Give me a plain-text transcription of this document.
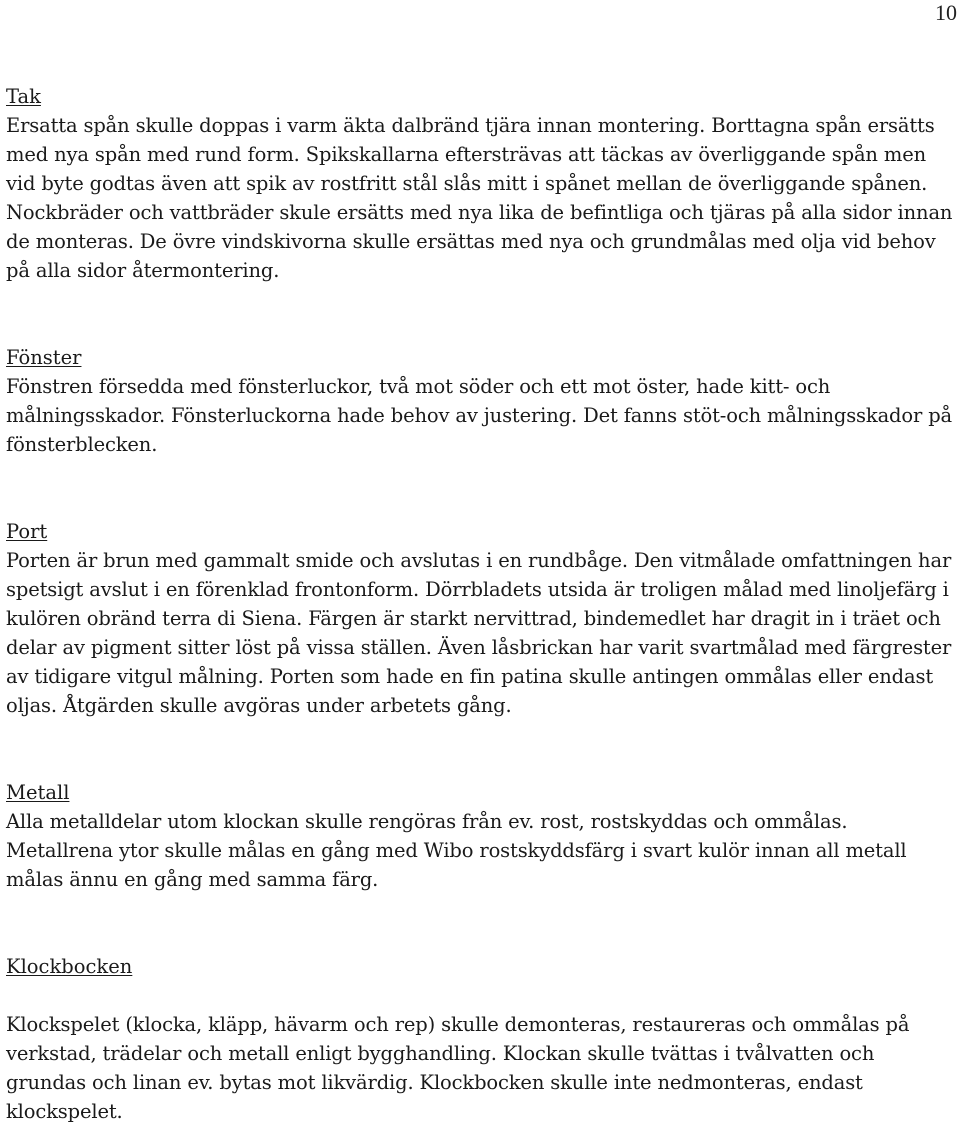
10
Tak

Ersatta spån skulle doppas i varm äkta dalbränd tjära innan montering. Borttagna spån ersätts med nya spån med rund form. Spikskallarna eftersträvas att täckas av överliggande spån men vid byte godtas även att spik av rostfritt stål slås mitt i spånet mellan de överliggande spånen. Nockbräder och vattbräder skule ersätts med nya lika de befintliga och tjäras på alla sidor innan de monteras. De övre vindskivorna skulle ersättas med nya och grundmålas med olja vid behov på alla sidor återmontering.

Fönster

Fönstren försedda med fönsterluckor, två mot söder och ett mot öster, hade kitt- och målningsskador. Fönsterluckorna hade behov av justering. Det fanns stöt-och målningsskador på fönsterblecken.

Port

Porten är brun med gammalt smide och avslutas i en rundbåge. Den vitmålade omfattningen har spetsigt avslut i en förenklad frontonform. Dörrbladets utsida är troligen målad med linoljefärg i kulören obränd terra di Siena. Färgen är starkt nervittrad, bindemedlet har dragit in i träet och delar av pigment sitter löst på vissa ställen. Även låsbrickan har varit svartmålad med färgrester av tidigare vitgul målning. Porten som hade en fin patina skulle antingen ommålas eller endast oljas. Åtgärden skulle avgöras under arbetets gång.

Metall

Alla metalldelar utom klockan skulle rengöras från ev. rost, rostskyddas och ommålas. Metallrena ytor skulle målas en gång med Wibo rostskyddsfärg i svart kulör innan all metall målas ännu en gång med samma färg.

Klockbocken

Klockspelet (klocka, kläpp, hävarm och rep) skulle demonteras, restaureras och ommålas på verkstad, trädelar och metall enligt bygghandling. Klockan skulle tvättas i tvålvatten och grundas och linan ev. bytas mot likvärdig. Klockbocken skulle inte nedmonteras, endast klockspelet.
